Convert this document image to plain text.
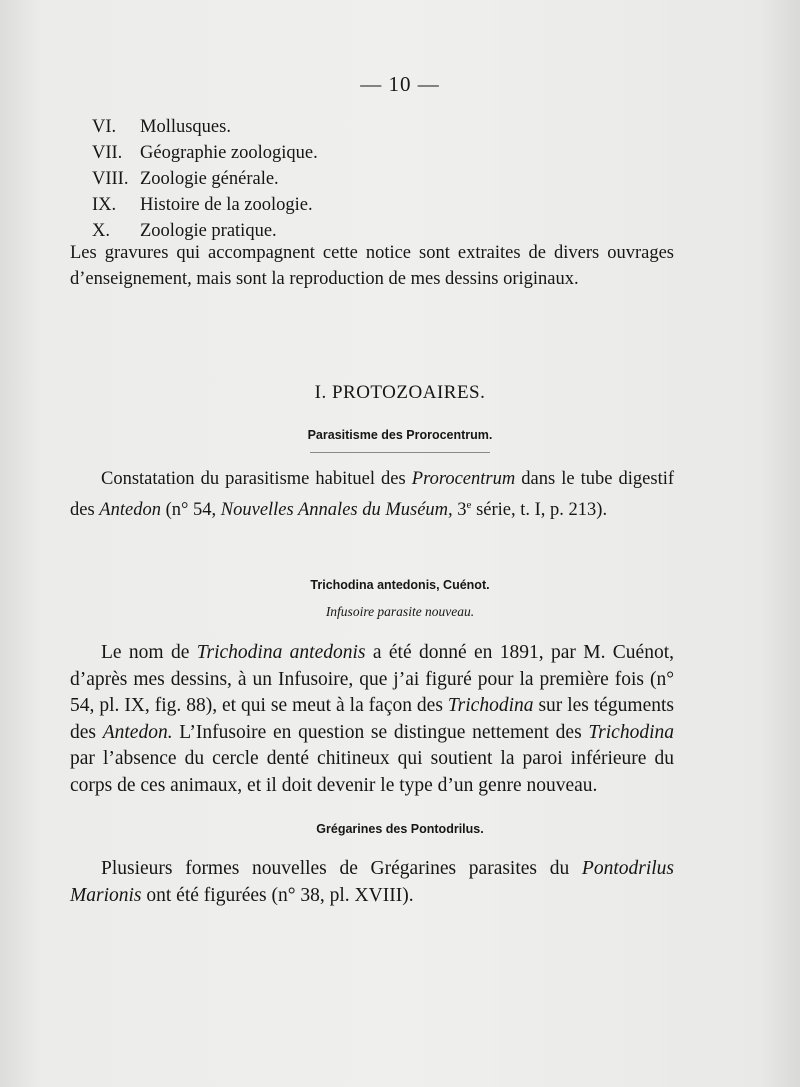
— 10 —
VI. Mollusques.
VII. Géographie zoologique.
VIII. Zoologie générale.
IX. Histoire de la zoologie.
X. Zoologie pratique.

Les gravures qui accompagnent cette notice sont extraites de divers ouvrages d’enseignement, mais sont la reproduction de mes dessins originaux.

I. PROTOZOAIRES.
Parasitisme des Prorocentrum.

Constatation du parasitisme habituel des Prorocentrum dans le tube digestif des Antedon (n° 54, Nouvelles Annales du Muséum, 3e série, t. I, p. 213).

Trichodina antedonis, Cuénot.
Infusoire parasite nouveau.

Le nom de Trichodina antedonis a été donné en 1891, par M. Cuénot, d’après mes dessins, à un Infusoire, que j’ai figuré pour la première fois (n° 54, pl. IX, fig. 88), et qui se meut à la façon des Trichodina sur les téguments des Antedon. L’Infusoire en question se distingue nettement des Trichodina par l’absence du cercle denté chitineux qui soutient la paroi inférieure du corps de ces animaux, et il doit devenir le type d’un genre nouveau.

Grégarines des Pontodrilus.

Plusieurs formes nouvelles de Grégarines parasites du Pontodrilus Marionis ont été figurées (n° 38, pl. XVIII).
